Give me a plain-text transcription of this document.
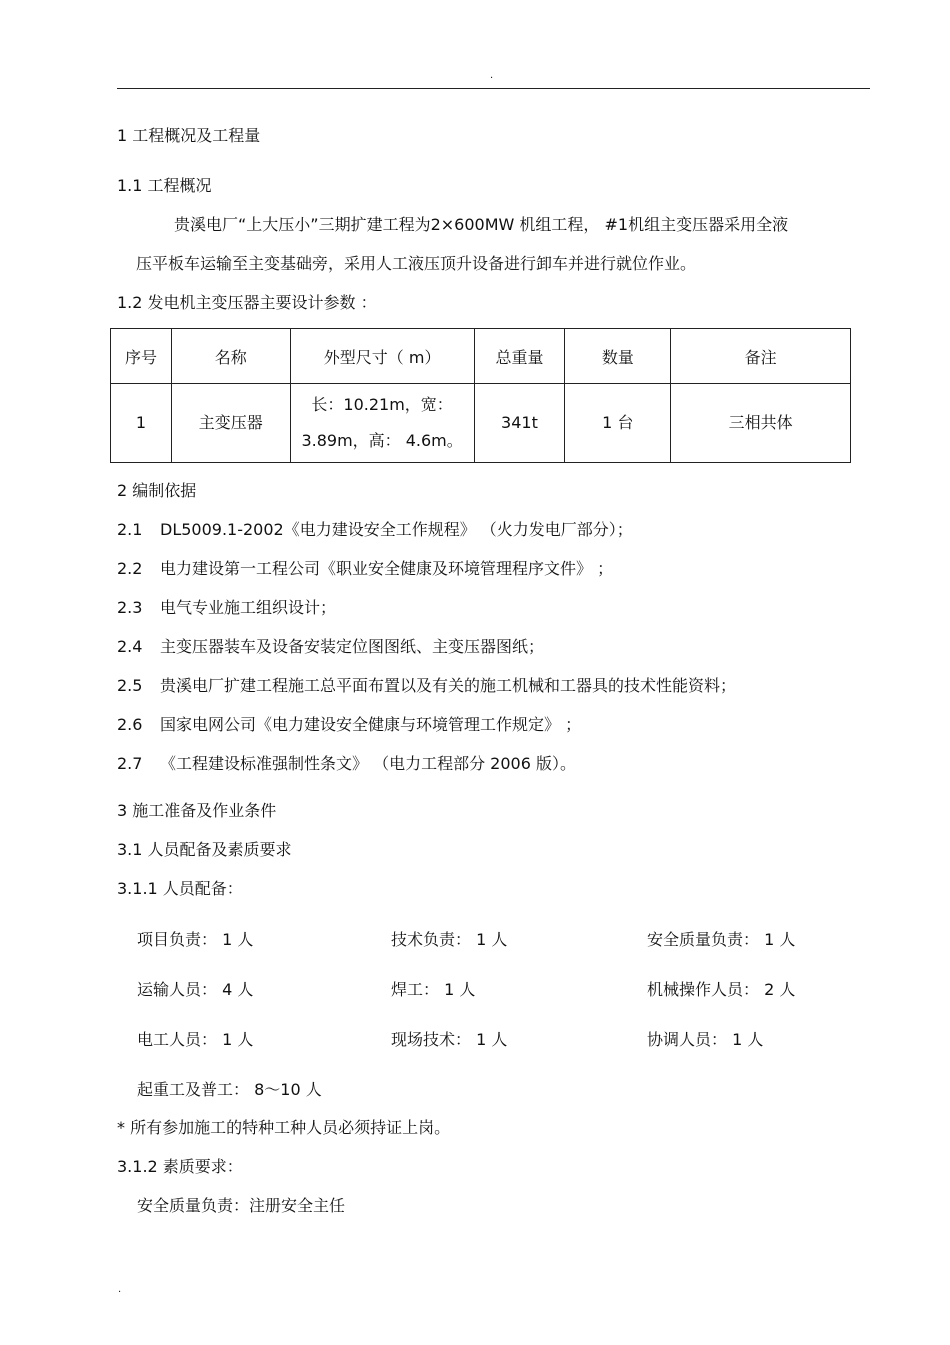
.
1 工程概况及工程量
1.1 工程概况
贵溪电厂“上大压小”三期扩建工程为2×600MW 机组工程， #1机组主变压器采用全液
压平板车运输至主变基础旁，采用人工液压顶升设备进行卸车并进行就位作业。
1.2 发电机主变压器主要设计参数 ：
序号	名称	外型尺寸（ m）	总重量	数量	备注
1	主变压器	长：10.21m，宽：
3.89m，高： 4.6m。	341t	1 台	三相共体
2 编制依据
2.1 DL5009.1-2002《电力建设安全工作规程》 （火力发电厂部分）；
2.2 电力建设第一工程公司《职业安全健康及环境管理程序文件》 ；
2.3 电气专业施工组织设计；
2.4 主变压器装车及设备安装定位图图纸、主变压器图纸；
2.5 贵溪电厂扩建工程施工总平面布置以及有关的施工机械和工器具的技术性能资料；
2.6 国家电网公司《电力建设安全健康与环境管理工作规定》 ；
2.7 《工程建设标准强制性条文》 （电力工程部分 2006 版）。
3 施工准备及作业条件
3.1 人员配备及素质要求
3.1.1 人员配备：
项目负责： 1 人	技术负责： 1 人	安全质量负责： 1 人
运输人员： 4 人	焊工： 1 人	机械操作人员： 2 人
电工人员： 1 人	现场技术： 1 人	协调人员： 1 人
起重工及普工： 8～10 人
* 所有参加施工的特种工种人员必须持证上岗。
3.1.2 素质要求：
安全质量负责：注册安全主任
.
